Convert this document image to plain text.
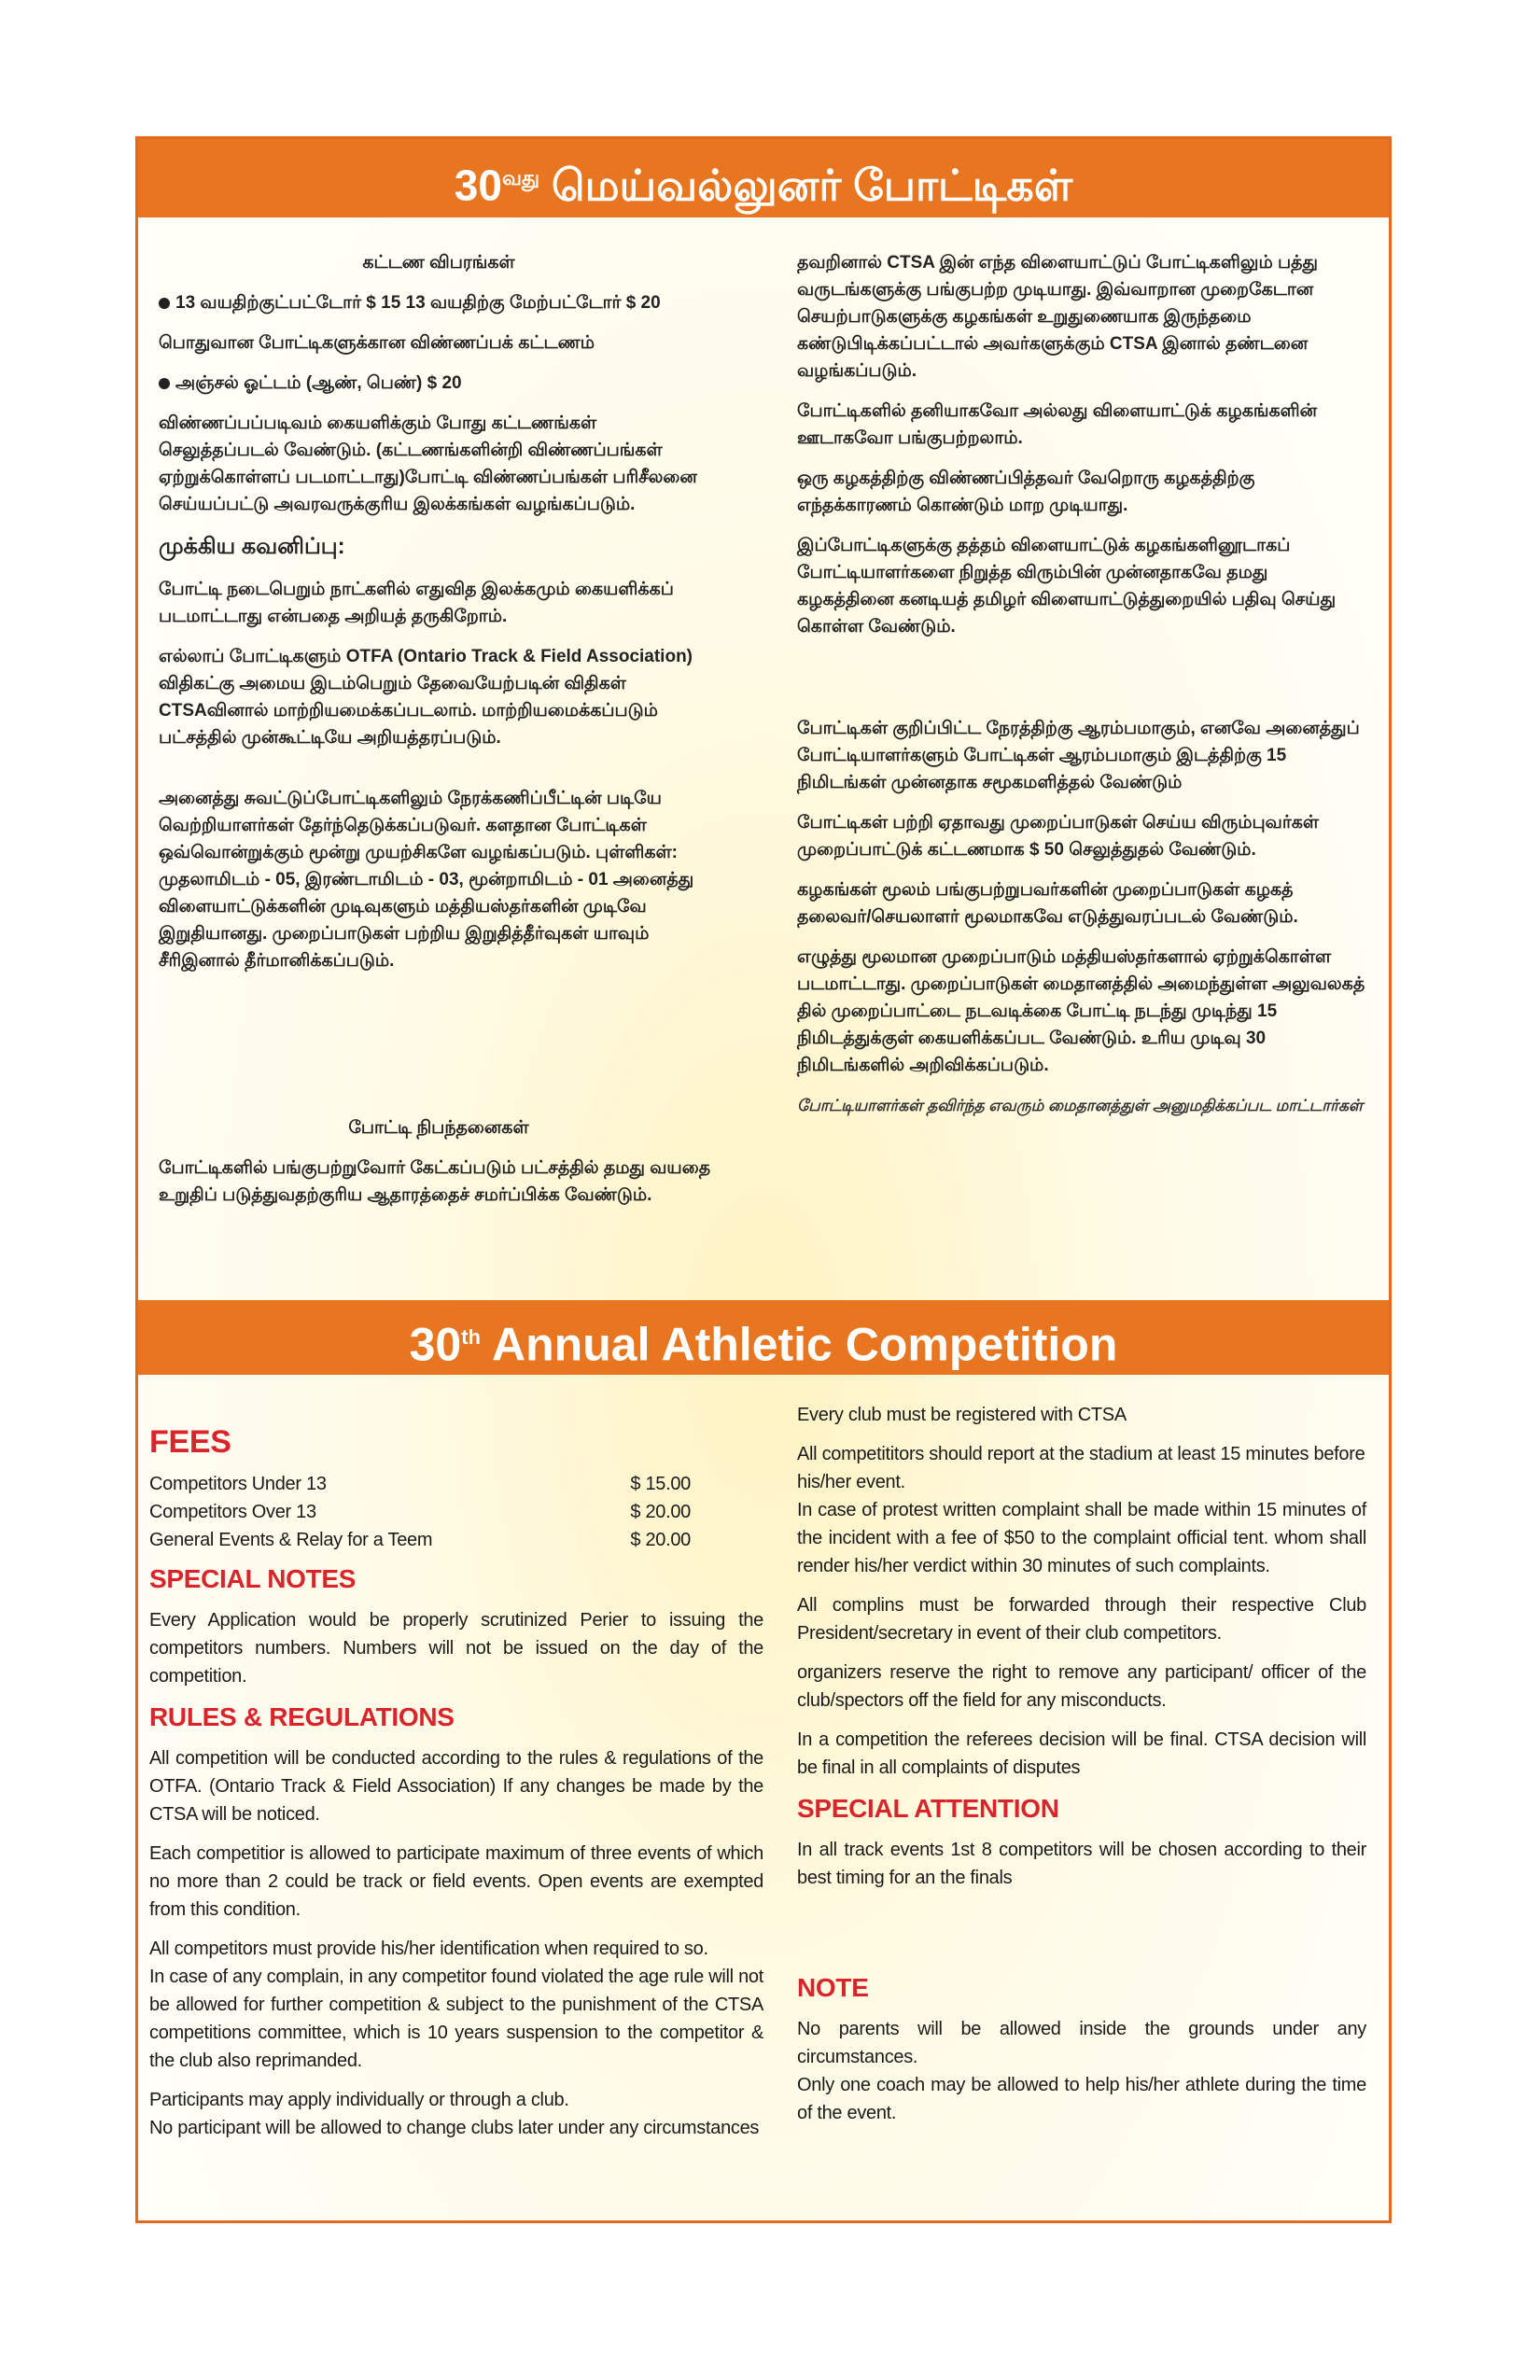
$30^{வது}$ மெய்வல்லுனர் போட்டிகள்

கட்டண விபரங்கள்

13 வயதிற்குட்பட்டோர் $ 15 13 வயதிற்கு மேற்பட்டோர் $ 20

பொதுவான போட்டிகளுக்கான விண்ணப்பக் கட்டணம்

அஞ்சல் ஓட்டம் (ஆண், பெண்) $ 20

விண்ணப்பப்படிவம் கையளிக்கும் போது கட்டணங்கள் செலுத்தப்படல் வேண்டும். (கட்டணங்களின்றி விண்ணப்பங்கள் ஏற்றுக்கொள்ளப் படமாட்டாது)போட்டி விண்ணப்பங்கள் பரிசீலனை செய்யப்பட்டு அவரவருக்குரிய இலக்கங்கள் வழங்கப்படும்.

முக்கிய கவனிப்பு:

போட்டி நடைபெறும் நாட்களில் எதுவித இலக்கமும் கையளிக்கப் படமாட்டாது என்பதை அறியத் தருகிறோம்.

எல்லாப் போட்டிகளும் OTFA (Ontario Track & Field Association) விதிகட்கு அமைய இடம்பெறும் தேவையேற்படின் விதிகள் CTSAவினால் மாற்றியமைக்கப்படலாம். மாற்றியமைக்கப்படும் பட்சத்தில் முன்கூட்டியே அறியத்தரப்படும்.

அனைத்து சுவட்டுப்போட்டிகளிலும் நேரக்கணிப்பீட்டின் படியே வெற்றியாளர்கள் தேர்ந்தெடுக்கப்படுவர். களதான போட்டிகள் ஒவ்வொன்றுக்கும் மூன்று முயற்சிகளே வழங்கப்படும். புள்ளிகள்: முதலாமிடம் - 05, இரண்டாமிடம் - 03, மூன்றாமிடம் - 01 அனைத்து விளையாட்டுக்களின் முடிவுகளும் மத்தியஸ்தர்களின் முடிவே இறுதியானது. முறைப்பாடுகள் பற்றிய இறுதித்தீர்வுகள் யாவும் சீரிஇனால் தீர்மானிக்கப்படும்.

போட்டி நிபந்தனைகள்

போட்டிகளில் பங்குபற்றுவோர் கேட்கப்படும் பட்சத்தில் தமது வயதை உறுதிப் படுத்துவதற்குரிய ஆதாரத்தைச் சமர்ப்பிக்க வேண்டும்.

தவறினால் CTSA இன் எந்த விளையாட்டுப் போட்டிகளிலும் பத்து வருடங்களுக்கு பங்குபற்ற முடியாது. இவ்வாறான முறைகேடான செயற்பாடுகளுக்கு கழகங்கள் உறுதுணையாக இருந்தமை கண்டுபிடிக்கப்பட்டால் அவர்களுக்கும் CTSA இனால் தண்டனை வழங்கப்படும்.

போட்டிகளில் தனியாகவோ அல்லது விளையாட்டுக் கழகங்களின் ஊடாகவோ பங்குபற்றலாம்.

ஒரு கழகத்திற்கு விண்ணப்பித்தவர் வேறொரு கழகத்திற்கு எந்தக்காரணம் கொண்டும் மாற முடியாது.

இப்போட்டிகளுக்கு தத்தம் விளையாட்டுக் கழகங்களினூடாகப் போட்டியாளர்களை நிறுத்த விரும்பின் முன்னதாகவே தமது கழகத்தினை கனடியத் தமிழர் விளையாட்டுத்துறையில் பதிவு செய்து கொள்ள வேண்டும்.

போட்டிகள் குறிப்பிட்ட நேரத்திற்கு ஆரம்பமாகும், எனவே அனைத்துப் போட்டியாளர்களும் போட்டிகள் ஆரம்பமாகும் இடத்திற்கு 15 நிமிடங்கள் முன்னதாக சமூகமளித்தல் வேண்டும்

போட்டிகள் பற்றி ஏதாவது முறைப்பாடுகள் செய்ய விரும்புவர்கள் முறைப்பாட்டுக் கட்டணமாக $ 50 செலுத்துதல் வேண்டும்.

கழகங்கள் மூலம் பங்குபற்றுபவர்களின் முறைப்பாடுகள் கழகத் தலைவர்/செயலாளர் மூலமாகவே எடுத்துவரப்படல் வேண்டும்.

எழுத்து மூலமான முறைப்பாடும் மத்தியஸ்தர்களால் ஏற்றுக்கொள்ள படமாட்டாது. முறைப்பாடுகள் மைதானத்தில் அமைந்துள்ள அலுவலகத் தில் முறைப்பாட்டை நடவடிக்கை போட்டி நடந்து முடிந்து 15 நிமிடத்துக்குள் கையளிக்கப்பட வேண்டும். உரிய முடிவு 30 நிமிடங்களில் அறிவிக்கப்படும்.

போட்டியாளர்கள் தவிர்ந்த எவரும் மைதானத்துள் அனுமதிக்கப்பட மாட்டார்கள்

30th Annual Athletic Competition

FEES

Competitors Under 13	$ 15.00
Competitors Over 13	$ 20.00
General Events & Relay for a Teem	$ 20.00

SPECIAL NOTES

Every Application would be properly scrutinized Perier to issuing the competitors numbers. Numbers will not be issued on the day of the competition.

RULES & REGULATIONS

All competition will be conducted according to the rules & regulations of the OTFA. (Ontario Track & Field Association) If any changes be made by the CTSA will be noticed.

Each competitior is allowed to participate maximum of three events of which no more than 2 could be track or field events. Open events are exempted from this condition.

All competitors must provide his/her identification when required to so.

In case of any complain, in any competitor found violated the age rule will not be allowed for further competition & subject to the punishment of the CTSA competitions committee, which is 10 years suspension to the competitor & the club also reprimanded.

Participants may apply individually or through a club.

No participant will be allowed to change clubs later under any circumstances

Every club must be registered with CTSA

All competititors should report at the stadium at least 15 minutes before his/her event.

In case of protest written complaint shall be made within 15 minutes of the incident with a fee of $50 to the complaint official tent. whom shall render his/her verdict within 30 minutes of such complaints.

All complins must be forwarded through their respective Club President/secretary in event of their club competitors.

organizers reserve the right to remove any participant/ officer of the club/spectors off the field for any misconducts.

In a competition the referees decision will be final. CTSA decision will be final in all complaints of disputes

SPECIAL ATTENTION

In all track events 1st 8 competitors will be chosen according to their best timing for an the finals

NOTE

No parents will be allowed inside the grounds under any circumstances.

Only one coach may be allowed to help his/her athlete during the time of the event.
